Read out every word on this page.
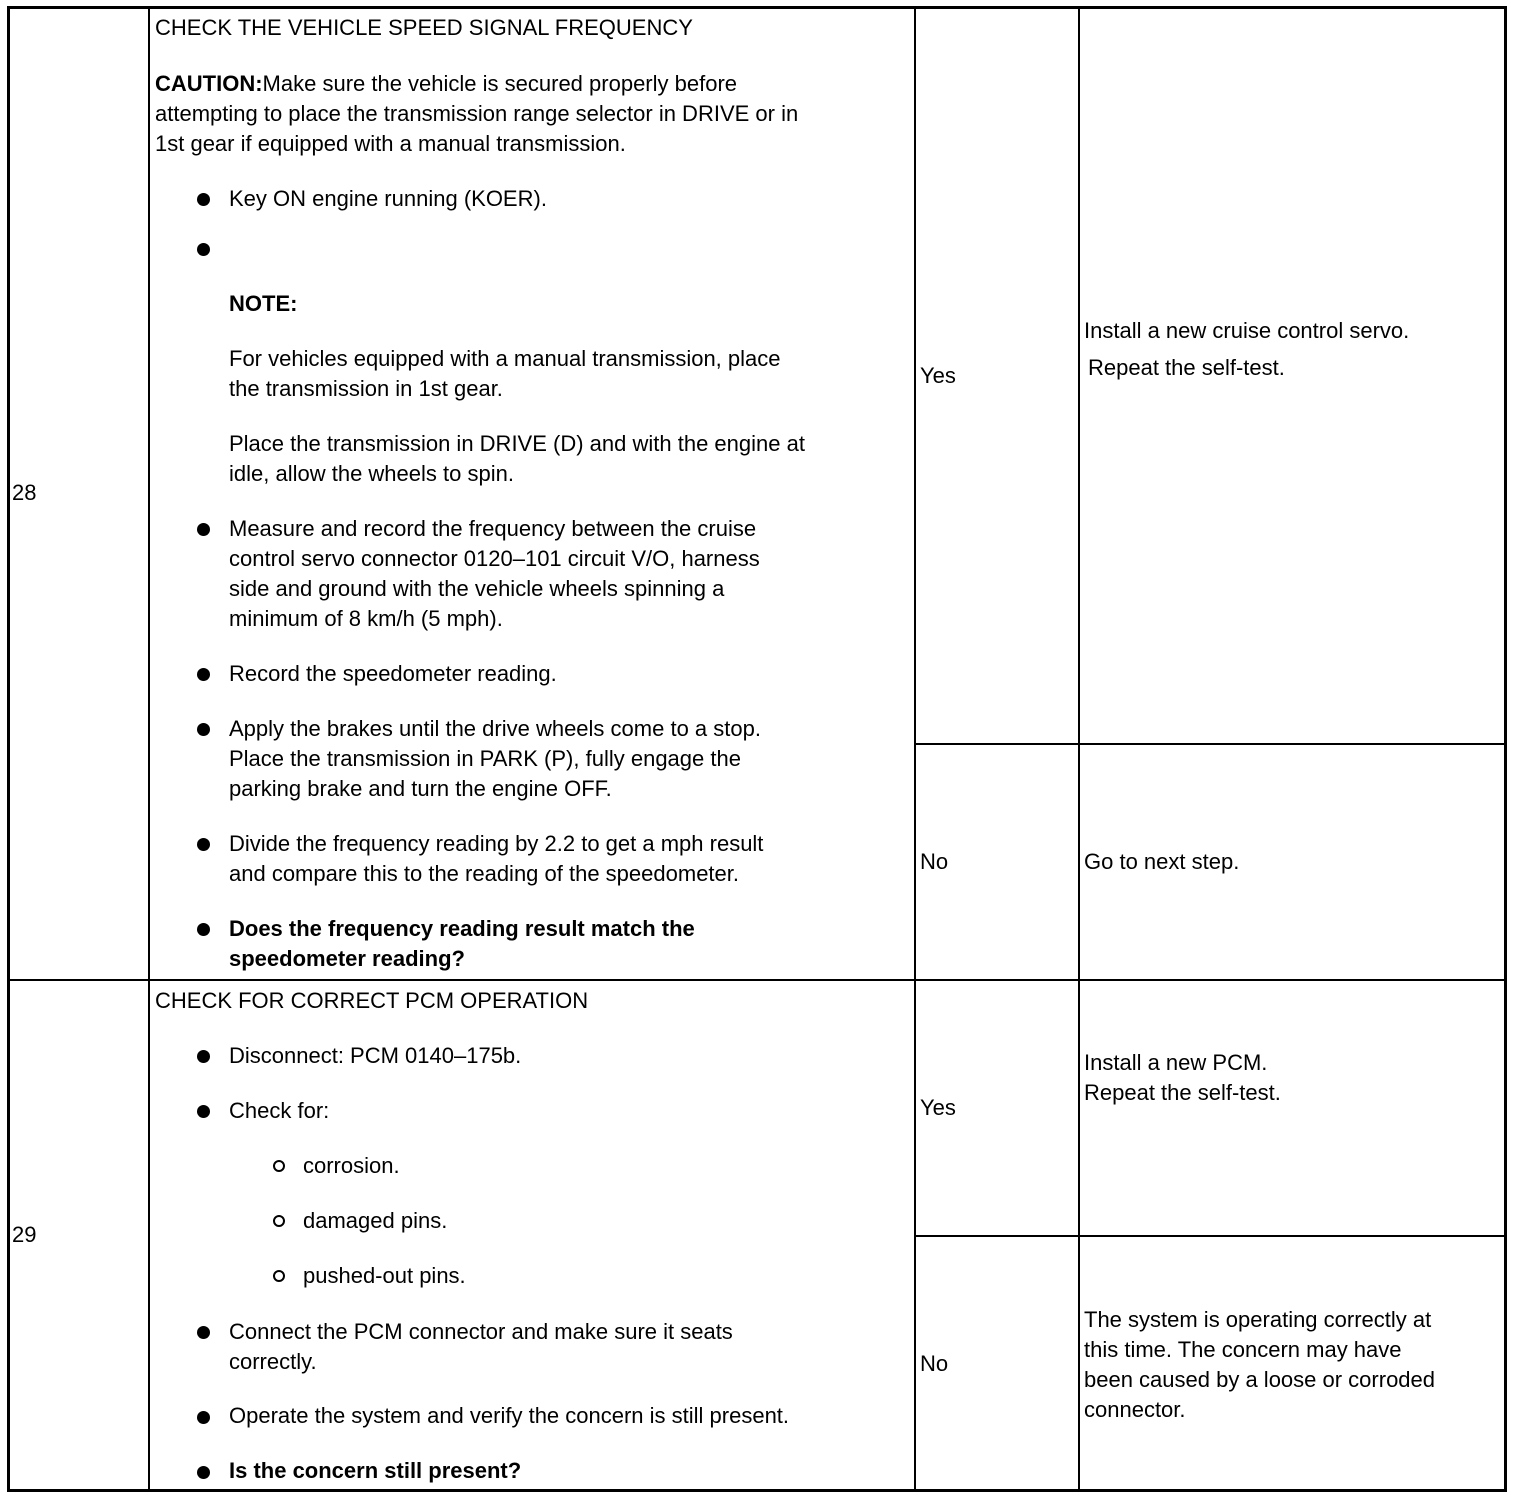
28
CHECK THE VEHICLE SPEED SIGNAL FREQUENCY
CAUTION:Make sure the vehicle is secured properly before
attempting to place the transmission range selector in DRIVE or in
1st gear if equipped with a manual transmission.
Key ON engine running (KOER).
NOTE:
For vehicles equipped with a manual transmission, place
the transmission in 1st gear.
Place the transmission in DRIVE (D) and with the engine at
idle, allow the wheels to spin.
Measure and record the frequency between the cruise
control servo connector 0120–101 circuit V/O, harness
side and ground with the vehicle wheels spinning a
minimum of 8 km/h (5 mph).
Record the speedometer reading.
Apply the brakes until the drive wheels come to a stop.
Place the transmission in PARK (P), fully engage the
parking brake and turn the engine OFF.
Divide the frequency reading by 2.2 to get a mph result
and compare this to the reading of the speedometer.
Does the frequency reading result match the
speedometer reading?
Yes
Install a new cruise control servo.
Repeat the self-test.
No	Go to next step.
29
CHECK FOR CORRECT PCM OPERATION
Disconnect: PCM 0140–175b.
Check for:
corrosion.
damaged pins.
pushed-out pins.
Connect the PCM connector and make sure it seats
correctly.
Operate the system and verify the concern is still present.
Is the concern still present?
Yes
Install a new PCM.
Repeat the self-test.
No
The system is operating correctly at
this time. The concern may have
been caused by a loose or corroded
connector.
